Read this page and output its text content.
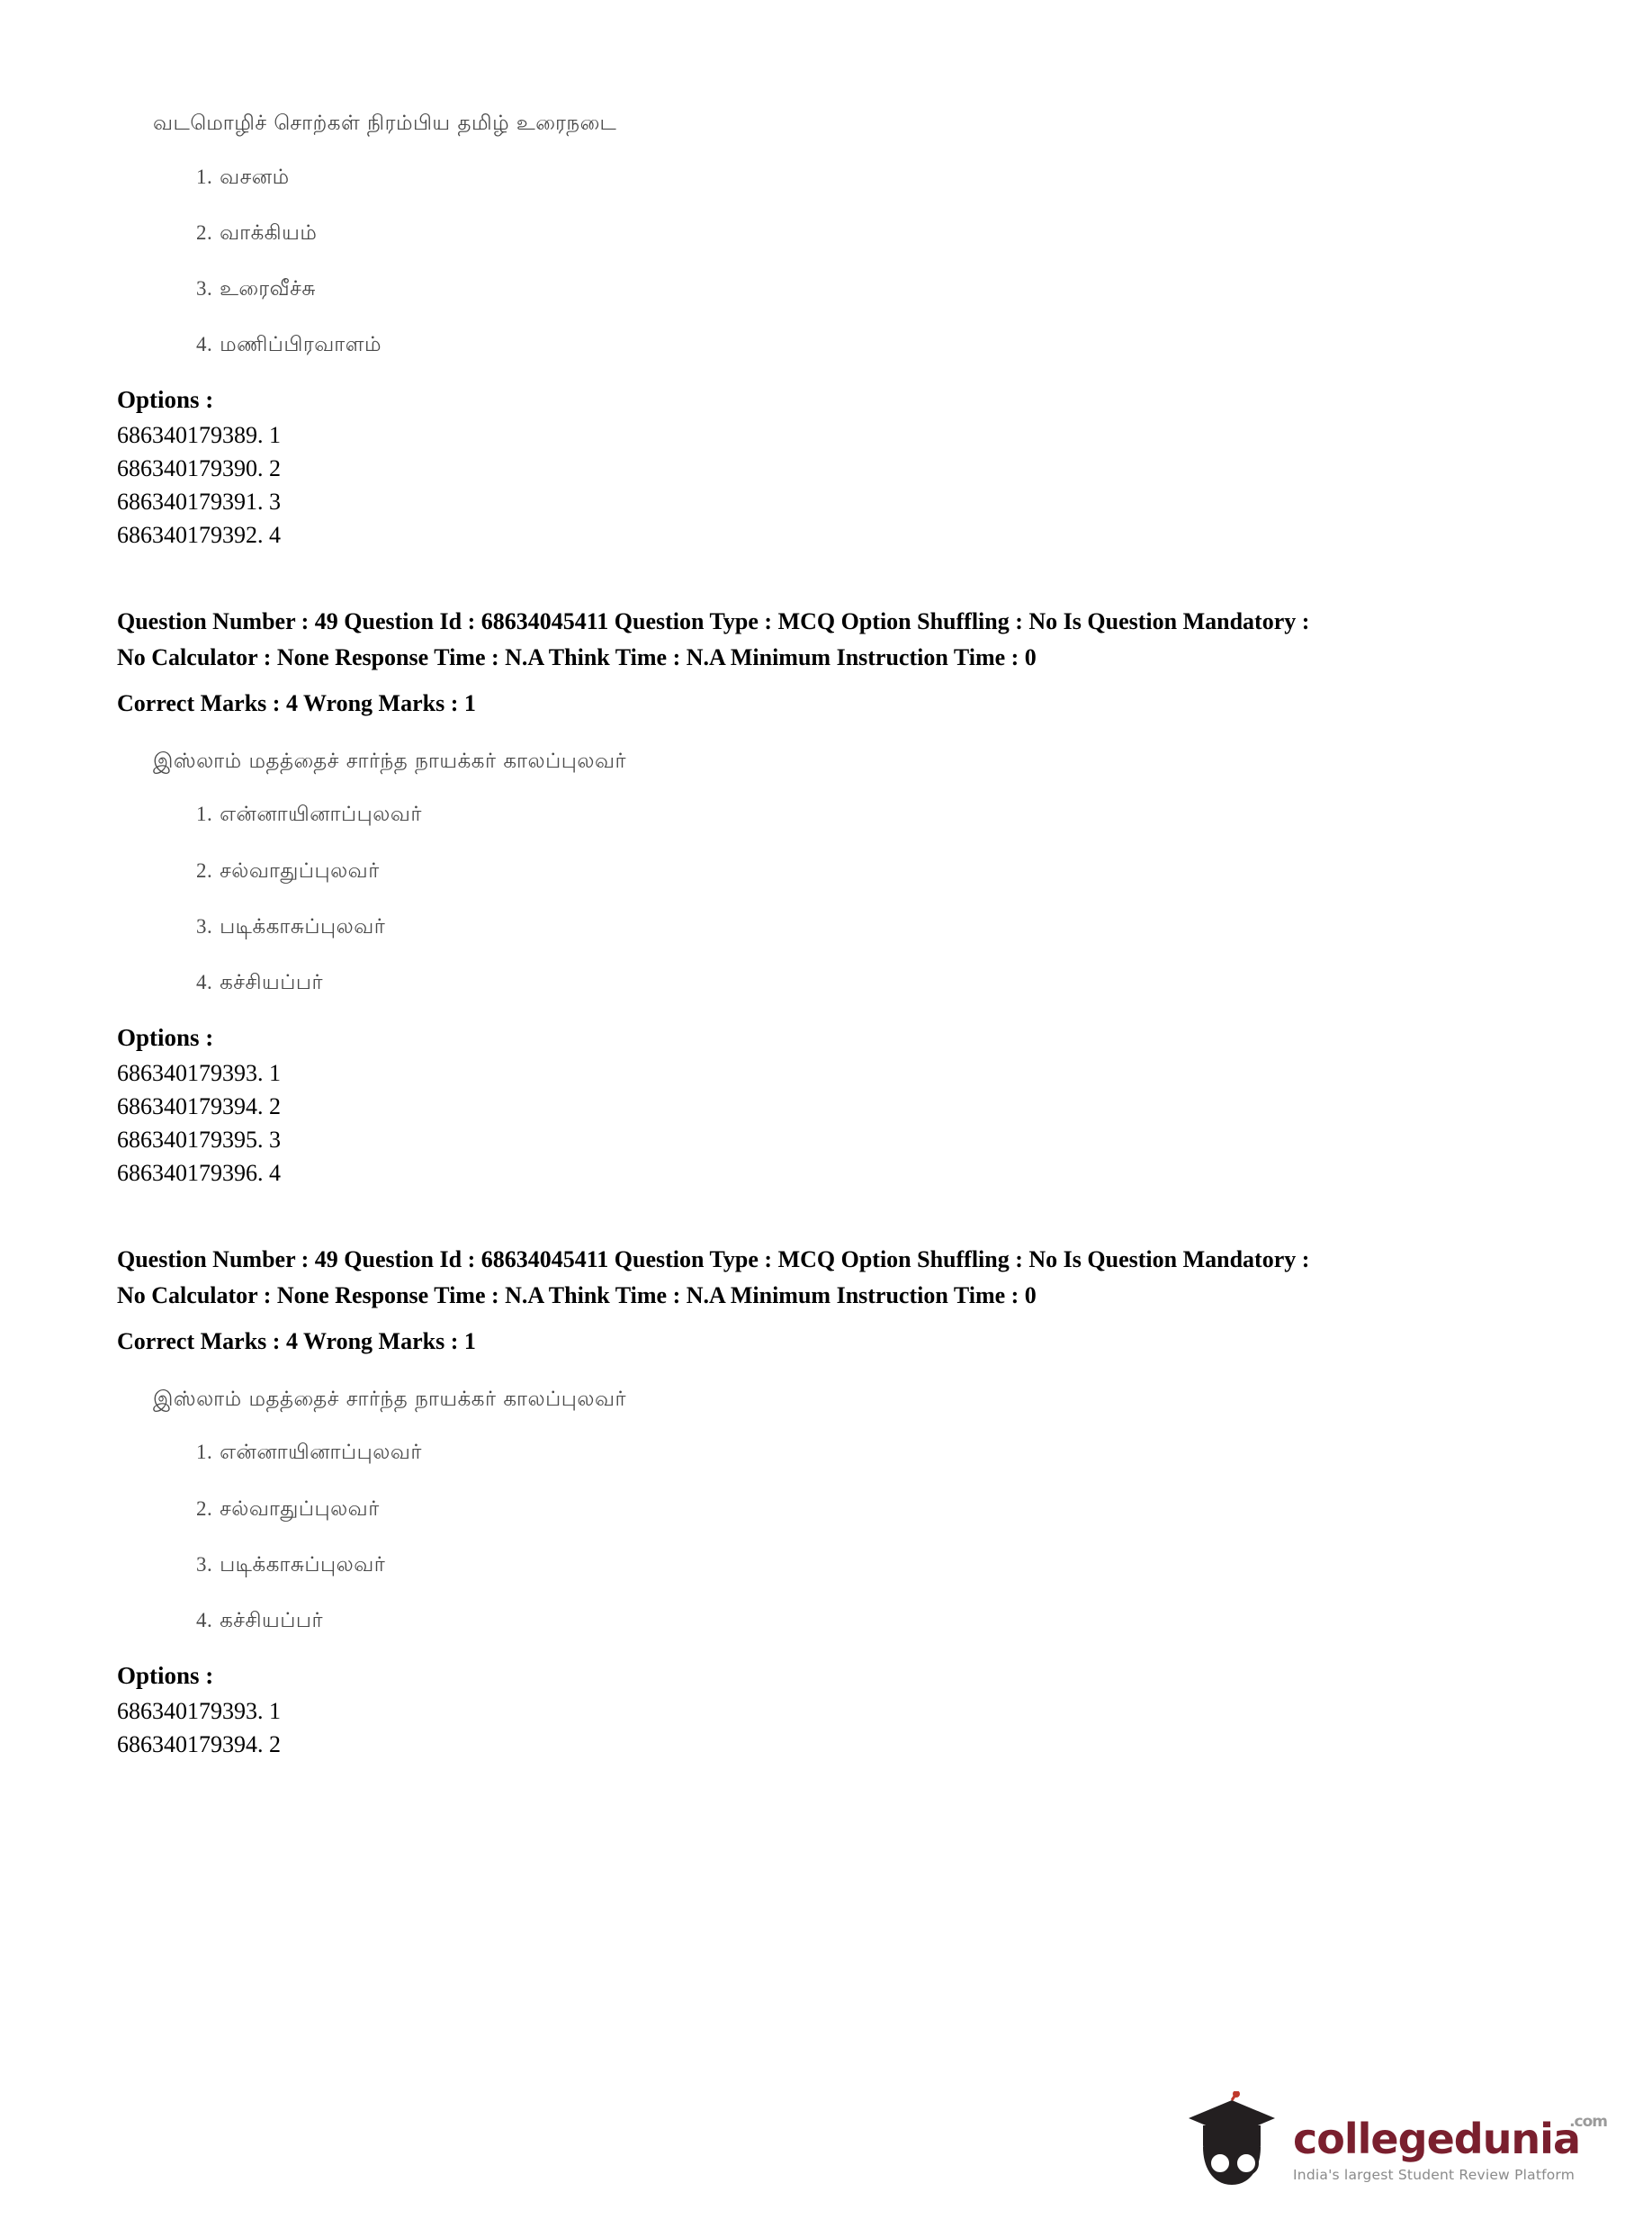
வடமொழிச் சொற்கள் நிரம்பிய தமிழ் உரைநடை
1. வசனம்
2. வாக்கியம்
3. உரைவீச்சு
4. மணிப்பிரவாளம்
Options :
686340179389. 1
686340179390. 2
686340179391. 3
686340179392. 4
Question Number : 49 Question Id : 68634045411 Question Type : MCQ Option Shuffling : No Is Question Mandatory :
No Calculator : None Response Time : N.A Think Time : N.A Minimum Instruction Time : 0
Correct Marks : 4 Wrong Marks : 1
இஸ்லாம் மதத்தைச் சார்ந்த நாயக்கர் காலப்புலவர்
1. என்னாயினாப்புலவர்
2. சல்வாதுப்புலவர்
3. படிக்காசுப்புலவர்
4. கச்சியப்பர்
Options :
686340179393. 1
686340179394. 2
686340179395. 3
686340179396. 4
Question Number : 49 Question Id : 68634045411 Question Type : MCQ Option Shuffling : No Is Question Mandatory :
No Calculator : None Response Time : N.A Think Time : N.A Minimum Instruction Time : 0
Correct Marks : 4 Wrong Marks : 1
இஸ்லாம் மதத்தைச் சார்ந்த நாயக்கர் காலப்புலவர்
1. என்னாயினாப்புலவர்
2. சல்வாதுப்புலவர்
3. படிக்காசுப்புலவர்
4. கச்சியப்பர்
Options :
686340179393. 1
686340179394. 2
collegedunia
.com
India's largest Student Review Platform
